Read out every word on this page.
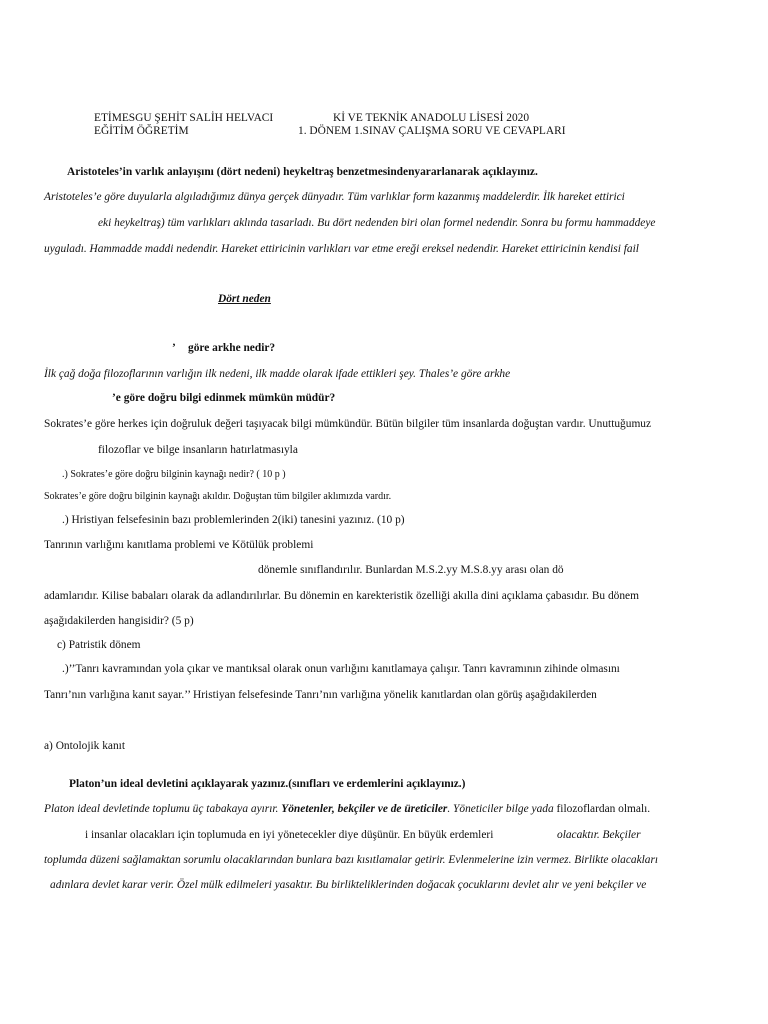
ETİMESGU ŞEHİT SALİH HELVACI	Kİ VE TEKNİK ANADOLU LİSESİ 2020
EĞİTİM ÖĞRETİM	1. DÖNEM 1.SINAV ÇALIŞMA SORU VE CEVAPLARI
Aristoteles’in varlık anlayışını (dört nedeni) heykeltraş benzetmesindenyararlanarak açıklayınız.
Aristoteles’e göre duyularla algıladığımız dünya gerçek dünyadır. Tüm varlıklar form kazanmış maddelerdir. İlk hareket ettirici
eki heykeltraş) tüm varlıkları aklında tasarladı. Bu dört nedenden biri olan formel nedendir. Sonra bu formu hammaddeye
uyguladı. Hammadde maddi nedendir. Hareket ettiricinin varlıkları var etme ereği ereksel nedendir. Hareket ettiricinin kendisi fail
Dört neden
’ göre arkhe nedir?
İlk çağ doğa filozoflarının varlığın ilk nedeni, ilk madde olarak ifade ettikleri şey. Thales’e göre arkhe
’e göre doğru bilgi edinmek mümkün müdür?
Sokrates’e göre herkes için doğruluk değeri taşıyacak bilgi mümkündür. Bütün bilgiler tüm insanlarda doğuştan vardır. Unuttuğumuz
filozoflar ve bilge insanların hatırlatmasıyla
.) Sokrates’e göre doğru bilginin kaynağı nedir? ( 10 p )
Sokrates’e göre doğru bilginin kaynağı akıldır. Doğuştan tüm bilgiler aklımızda vardır.
.) Hristiyan felsefesinin bazı problemlerinden 2(iki) tanesini yazınız. (10 p)
Tanrının varlığını kanıtlama problemi ve Kötülük problemi
dönemle sınıflandırılır. Bunlardan M.S.2.yy M.S.8.yy arası olan dö
adamlarıdır. Kilise babaları olarak da adlandırılırlar. Bu dönemin en karekteristik özelliği akılla dini açıklama çabasıdır. Bu dönem
aşağıdakilerden hangisidir? (5 p)
c) Patristik dönem
.)’’Tanrı kavramından yola çıkar ve mantıksal olarak onun varlığını kanıtlamaya çalışır. Tanrı kavramının zihinde olmasını
Tanrı’nın varlığına kanıt sayar.’’ Hristiyan felsefesinde Tanrı’nın varlığına yönelik kanıtlardan olan görüş aşağıdakilerden
a) Ontolojik kanıt
Platon’un ideal devletini açıklayarak yazınız.(sınıfları ve erdemlerini açıklayınız.)
Platon ideal devletinde toplumu üç tabakaya ayırır. Yönetenler, bekçiler ve de üreticiler. Yöneticiler bilge yada filozoflardan olmalı.
i insanlar olacakları için toplumuda en iyi yönetecekler diye düşünür. En büyük erdemleri	olacaktır. Bekçiler
toplumda düzeni sağlamaktan sorumlu olacaklarından bunlara bazı kısıtlamalar getirir. Evlenmelerine izin vermez. Birlikte olacakları
adınlara devlet karar verir. Özel mülk edilmeleri yasaktır. Bu birlikteliklerinden doğacak çocuklarını devlet alır ve yeni bekçiler ve
